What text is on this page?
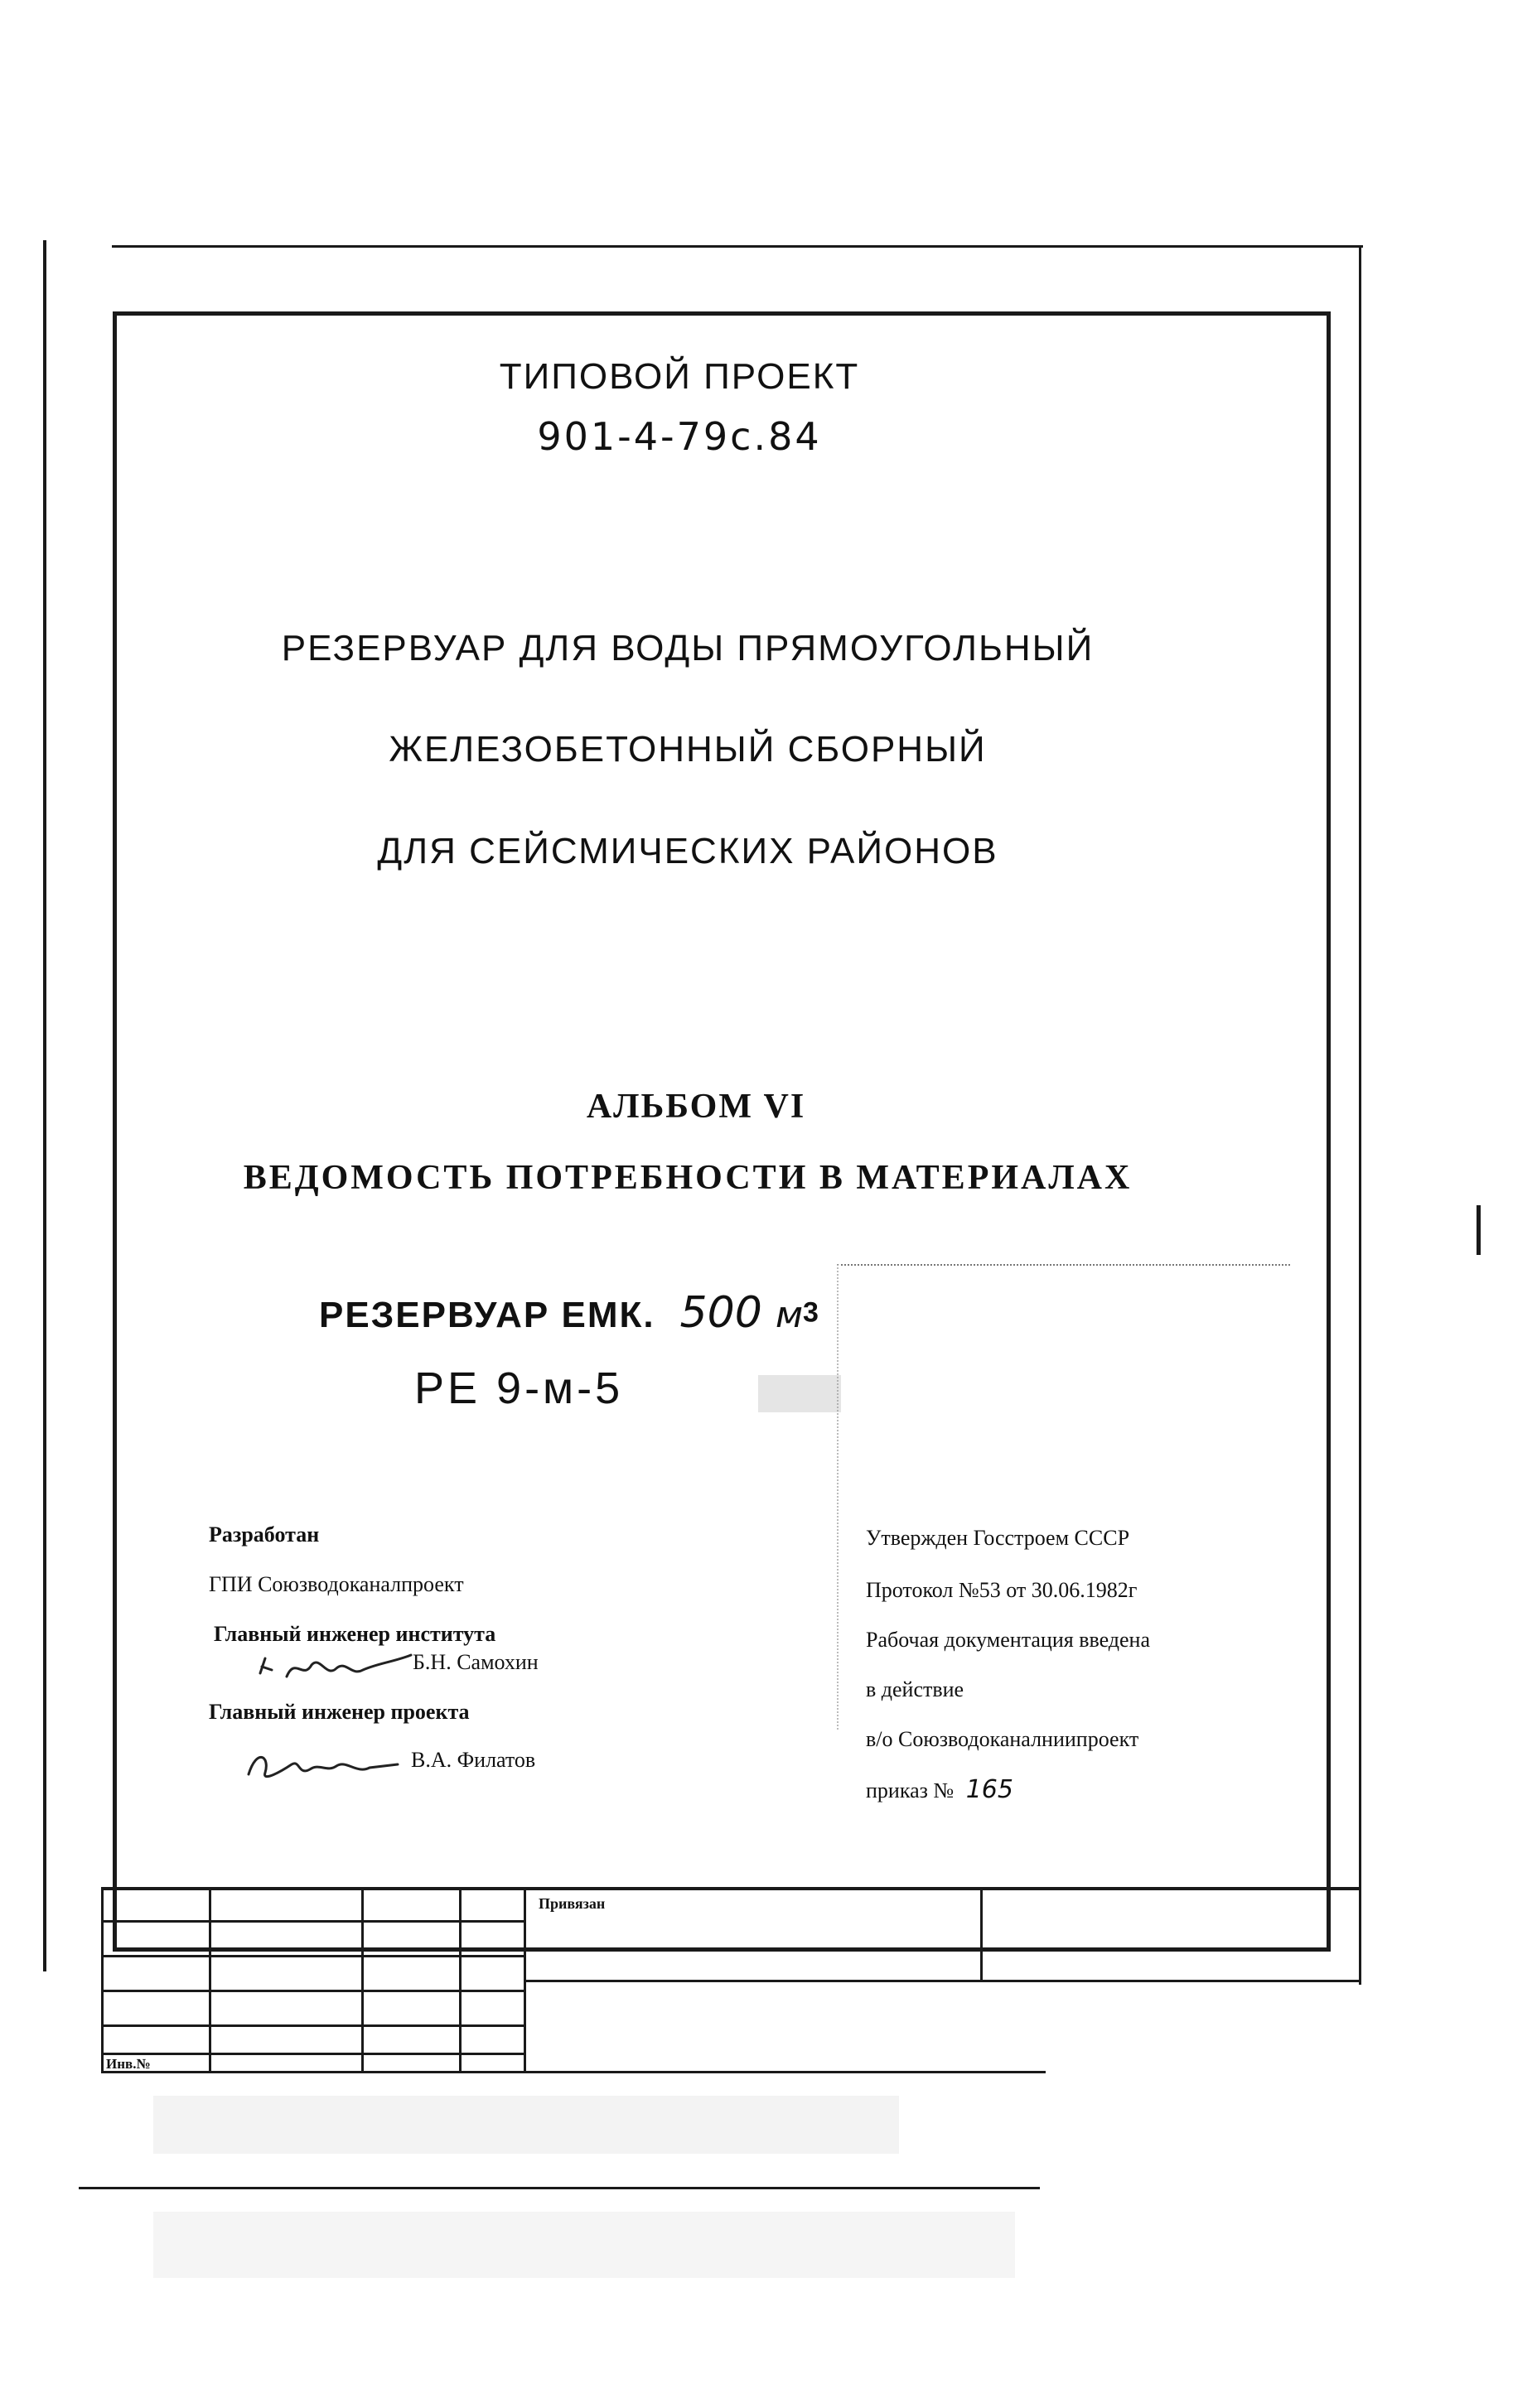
ТИПОВОЙ ПРОЕКТ
901-4-79с.84
РЕЗЕРВУАР ДЛЯ ВОДЫ ПРЯМОУГОЛЬНЫЙ
ЖЕЛЕЗОБЕТОННЫЙ СБОРНЫЙ
ДЛЯ СЕЙСМИЧЕСКИХ РАЙОНОВ
АЛЬБОМ VI
ВЕДОМОСТЬ ПОТРЕБНОСТИ В МАТЕРИАЛАХ
РЕЗЕРВУАР ЕМК. 500 $м^3$
РЕ 9-м-5
Разработан
ГПИ Союзводоканалпроект
Главный инженер института
Б.Н. Самохин
Главный инженер проекта
В.А. Филатов
Утвержден Госстроем СССР
Протокол №53 от 30.06.1982г
Рабочая документация введена
в действие
в/о Союзводоканалниипроект
приказ № 165
Привязан
Инв.№
